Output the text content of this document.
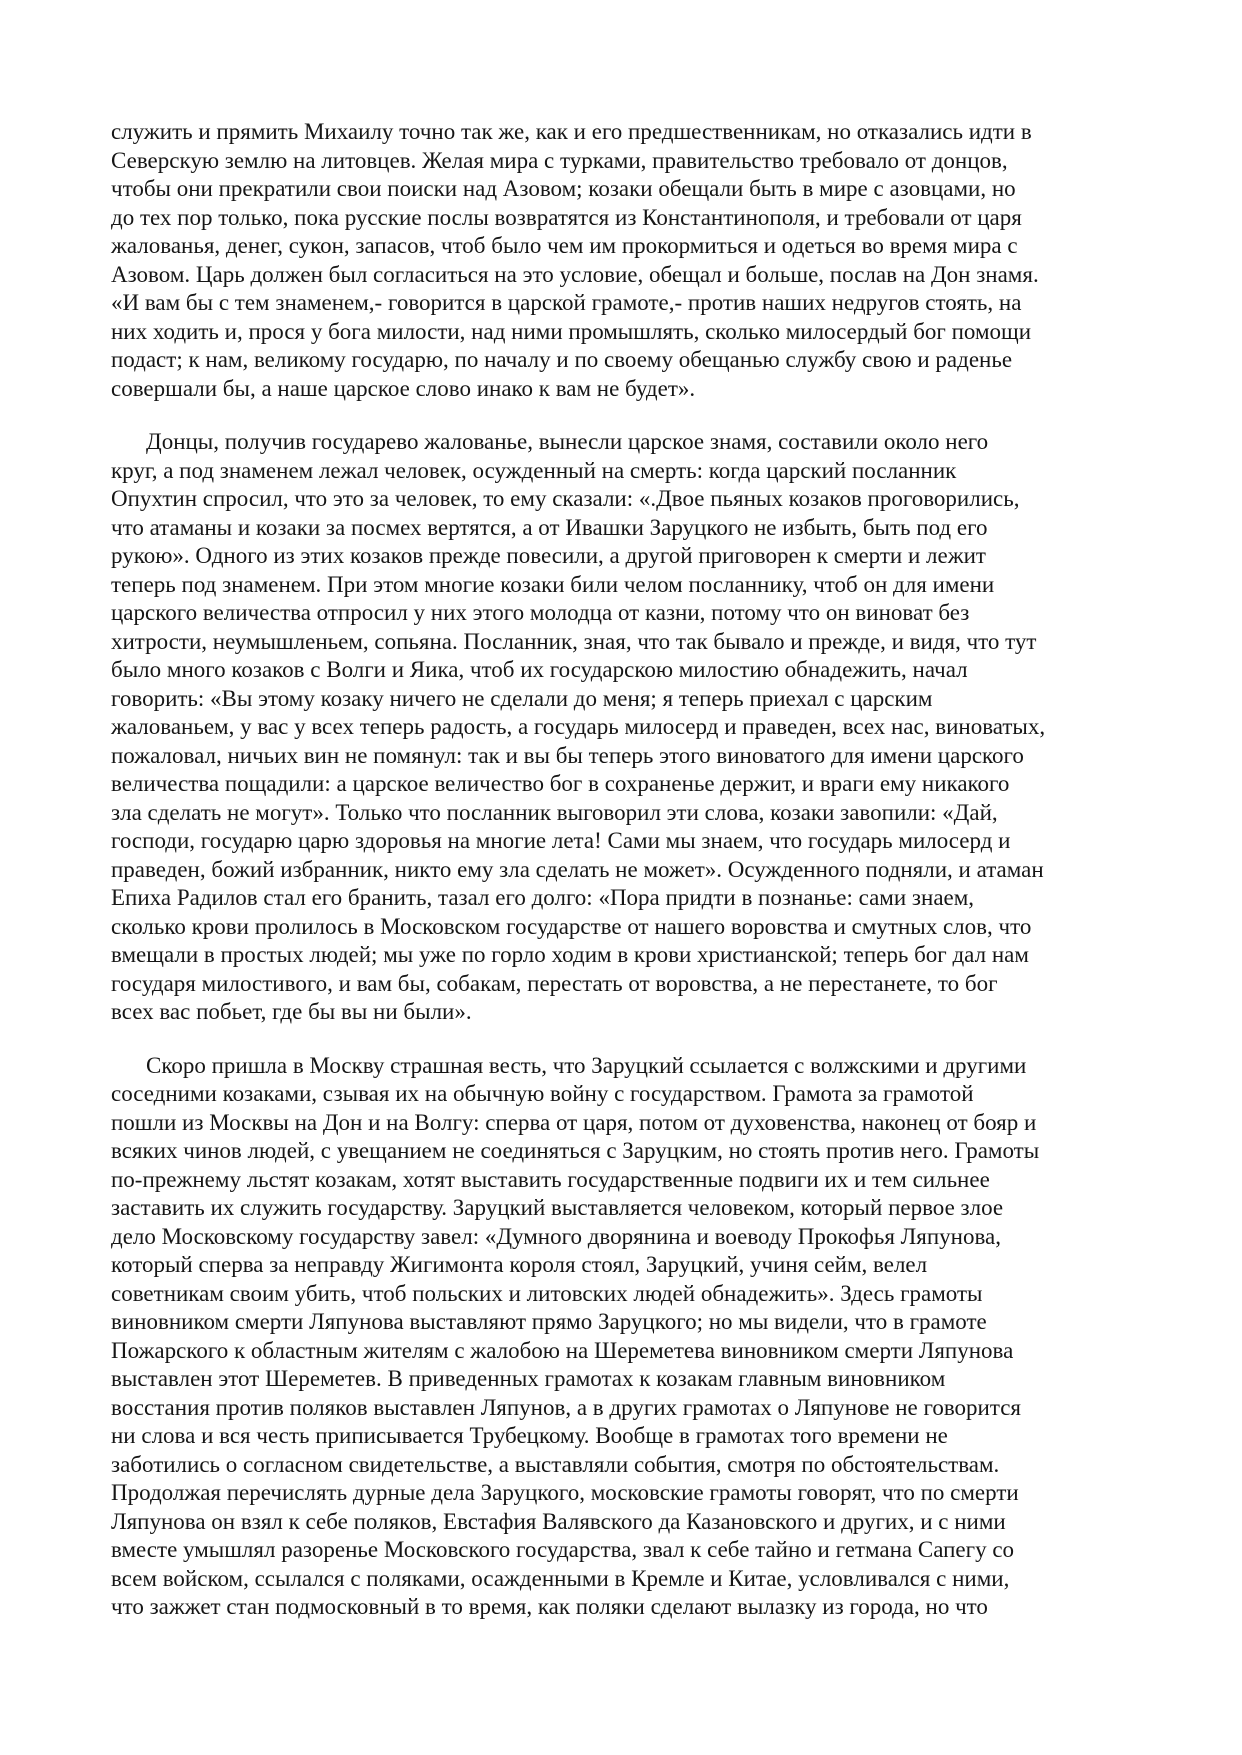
служить и прямить Михаилу точно так же, как и его предшественникам, но отказались идти в
Северскую землю на литовцев. Желая мира с турками, правительство требовало от донцов,
чтобы они прекратили свои поиски над Азовом; козаки обещали быть в мире с азовцами, но
до тех пор только, пока русские послы возвратятся из Константинополя, и требовали от царя
жалованья, денег, сукон, запасов, чтоб было чем им прокормиться и одеться во время мира с
Азовом. Царь должен был согласиться на это условие, обещал и больше, послав на Дон знамя.
«И вам бы с тем знаменем,- говорится в царской грамоте,- против наших недругов стоять, на
них ходить и, прося у бога милости, над ними промышлять, сколько милосердый бог помощи
подаст; к нам, великому государю, по началу и по своему обещанью службу свою и раденье
совершали бы, а наше царское слово инако к вам не будет».
Донцы, получив государево жалованье, вынесли царское знамя, составили около него
круг, а под знаменем лежал человек, осужденный на смерть: когда царский посланник
Опухтин спросил, что это за человек, то ему сказали: «.Двое пьяных козаков проговорились,
что атаманы и козаки за посмех вертятся, а от Ивашки Заруцкого не избыть, быть под его
рукою». Одного из этих козаков прежде повесили, а другой приговорен к смерти и лежит
теперь под знаменем. При этом многие козаки били челом посланнику, чтоб он для имени
царского величества отпросил у них этого молодца от казни, потому что он виноват без
хитрости, неумышленьем, сопьяна. Посланник, зная, что так бывало и прежде, и видя, что тут
было много козаков с Волги и Яика, чтоб их государскою милостию обнадежить, начал
говорить: «Вы этому козаку ничего не сделали до меня; я теперь приехал с царским
жалованьем, у вас у всех теперь радость, а государь милосерд и праведен, всех нас, виноватых,
пожаловал, ничьих вин не помянул: так и вы бы теперь этого виноватого для имени царского
величества пощадили: а царское величество бог в сохраненье держит, и враги ему никакого
зла сделать не могут». Только что посланник выговорил эти слова, козаки завопили: «Дай,
господи, государю царю здоровья на многие лета! Сами мы знаем, что государь милосерд и
праведен, божий избранник, никто ему зла сделать не может». Осужденного подняли, и атаман
Епиха Радилов стал его бранить, тазал его долго: «Пора придти в познанье: сами знаем,
сколько крови пролилось в Московском государстве от нашего воровства и смутных слов, что
вмещали в простых людей; мы уже по горло ходим в крови христианской; теперь бог дал нам
государя милостивого, и вам бы, собакам, перестать от воровства, а не перестанете, то бог
всех вас побьет, где бы вы ни были».
Скоро пришла в Москву страшная весть, что Заруцкий ссылается с волжскими и другими
соседними козаками, сзывая их на обычную войну с государством. Грамота за грамотой
пошли из Москвы на Дон и на Волгу: сперва от царя, потом от духовенства, наконец от бояр и
всяких чинов людей, с увещанием не соединяться с Заруцким, но стоять против него. Грамоты
по-прежнему льстят козакам, хотят выставить государственные подвиги их и тем сильнее
заставить их служить государству. Заруцкий выставляется человеком, который первое злое
дело Московскому государству завел: «Думного дворянина и воеводу Прокофья Ляпунова,
который сперва за неправду Жигимонта короля стоял, Заруцкий, учиня сейм, велел
советникам своим убить, чтоб польских и литовских людей обнадежить». Здесь грамоты
виновником смерти Ляпунова выставляют прямо Заруцкого; но мы видели, что в грамоте
Пожарского к областным жителям с жалобою на Шереметева виновником смерти Ляпунова
выставлен этот Шереметев. В приведенных грамотах к козакам главным виновником
восстания против поляков выставлен Ляпунов, а в других грамотах о Ляпунове не говорится
ни слова и вся честь приписывается Трубецкому. Вообще в грамотах того времени не
заботились о согласном свидетельстве, а выставляли события, смотря по обстоятельствам.
Продолжая перечислять дурные дела Заруцкого, московские грамоты говорят, что по смерти
Ляпунова он взял к себе поляков, Евстафия Валявского да Казановского и других, и с ними
вместе умышлял разоренье Московского государства, звал к себе тайно и гетмана Сапегу со
всем войском, ссылался с поляками, осажденными в Кремле и Китае, условливался с ними,
что зажжет стан подмосковный в то время, как поляки сделают вылазку из города, но что
